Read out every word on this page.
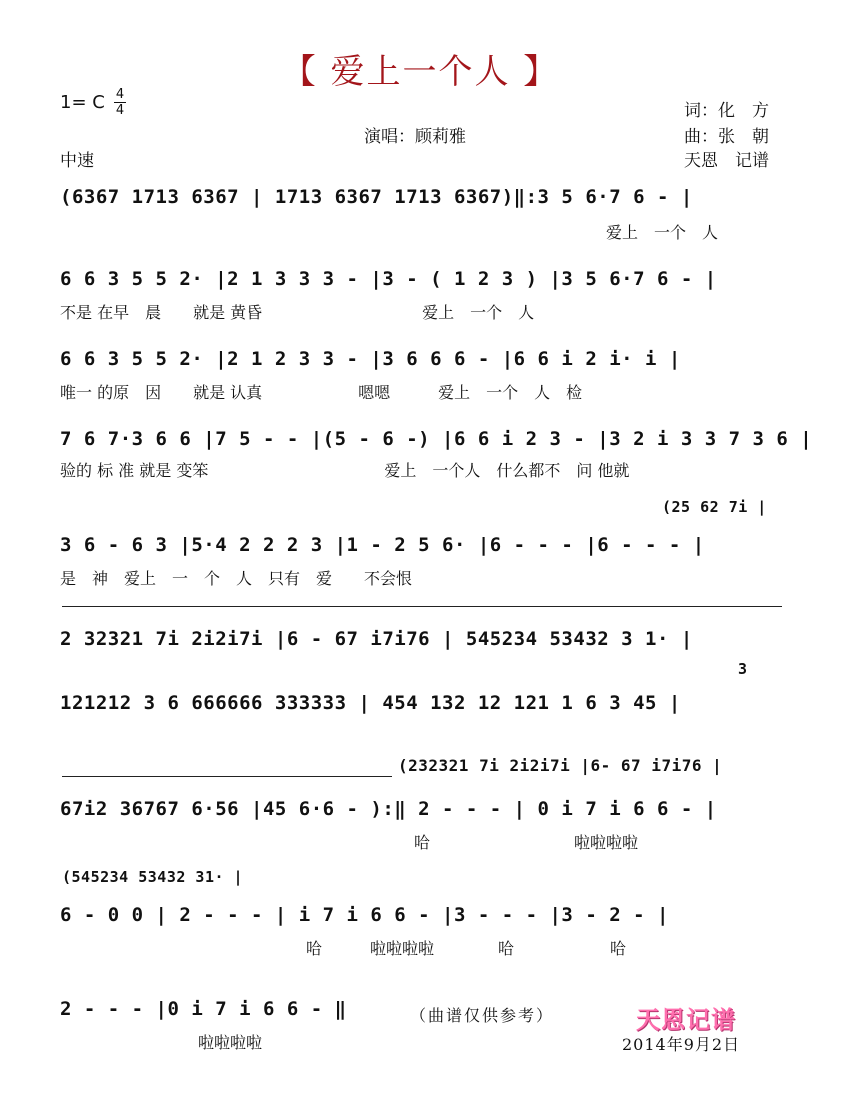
【 爱上一个人 】
1= C 4
4
中速
演唱：顾莉雅
词：化　方
曲：张　朝
天恩　记谱
(6367 1713 6367 | 1713 6367 1713 6367)‖:3 5 6·7 6 - |
爱上　一个　人
6 6 3 5 5 2· |2 1 3 3 3 - |3 - ( 1 2 3 ) |3 5 6·7 6 - |
不是 在早　晨　　就是 黄昏　　　　　　　　　　爱上　一个　人
6 6 3 5 5 2· |2 1 2 3 3 - |3 6 6 6 - |6 6 i 2 i· i |
唯一 的原　因　　就是 认真　　　　　　嗯嗯　　　爱上　一个　人　检
7 6 7·3 6 6 |7 5 - - |(5 - 6 -) |6 6 i 2 3 - |3 2 i 3 3 7 3 6 |
验的 标 准 就是 变笨　　　　　　　　　　　爱上　一个人　什么都不　问 他就
(25 62 7i |
3 6 - 6 3 |5·4 2 2 2 3 |1 - 2 5 6· |6 - - - |6 - - - |
是　神　爱上　一　个　人　只有　爱　　不会恨
2 32321 7i 2i2i7i |6 - 67 i7i76 | 545234 53432 3 1· |
121212 3 6 666666 333333 | 454 132 12 121 1 6 3 45 |
3
(232321 7i 2i2i7i |6- 67 i7i76 |
67i2 36767 6·56 |45 6·6 - ):‖ 2 - - - | 0 i 7 i 6 6 - |
哈　　　　　　　　　啦啦啦啦
(545234 53432 31· |
6 - 0 0 | 2 - - - | i 7 i 6 6 - |3 - - - |3 - 2 - |
哈　　　啦啦啦啦　　　　哈　　　　　　哈
2 - - - |0 i 7 i 6 6 - ‖
啦啦啦啦
（曲谱仅供参考）	天恩记谱
2014年9月2日
